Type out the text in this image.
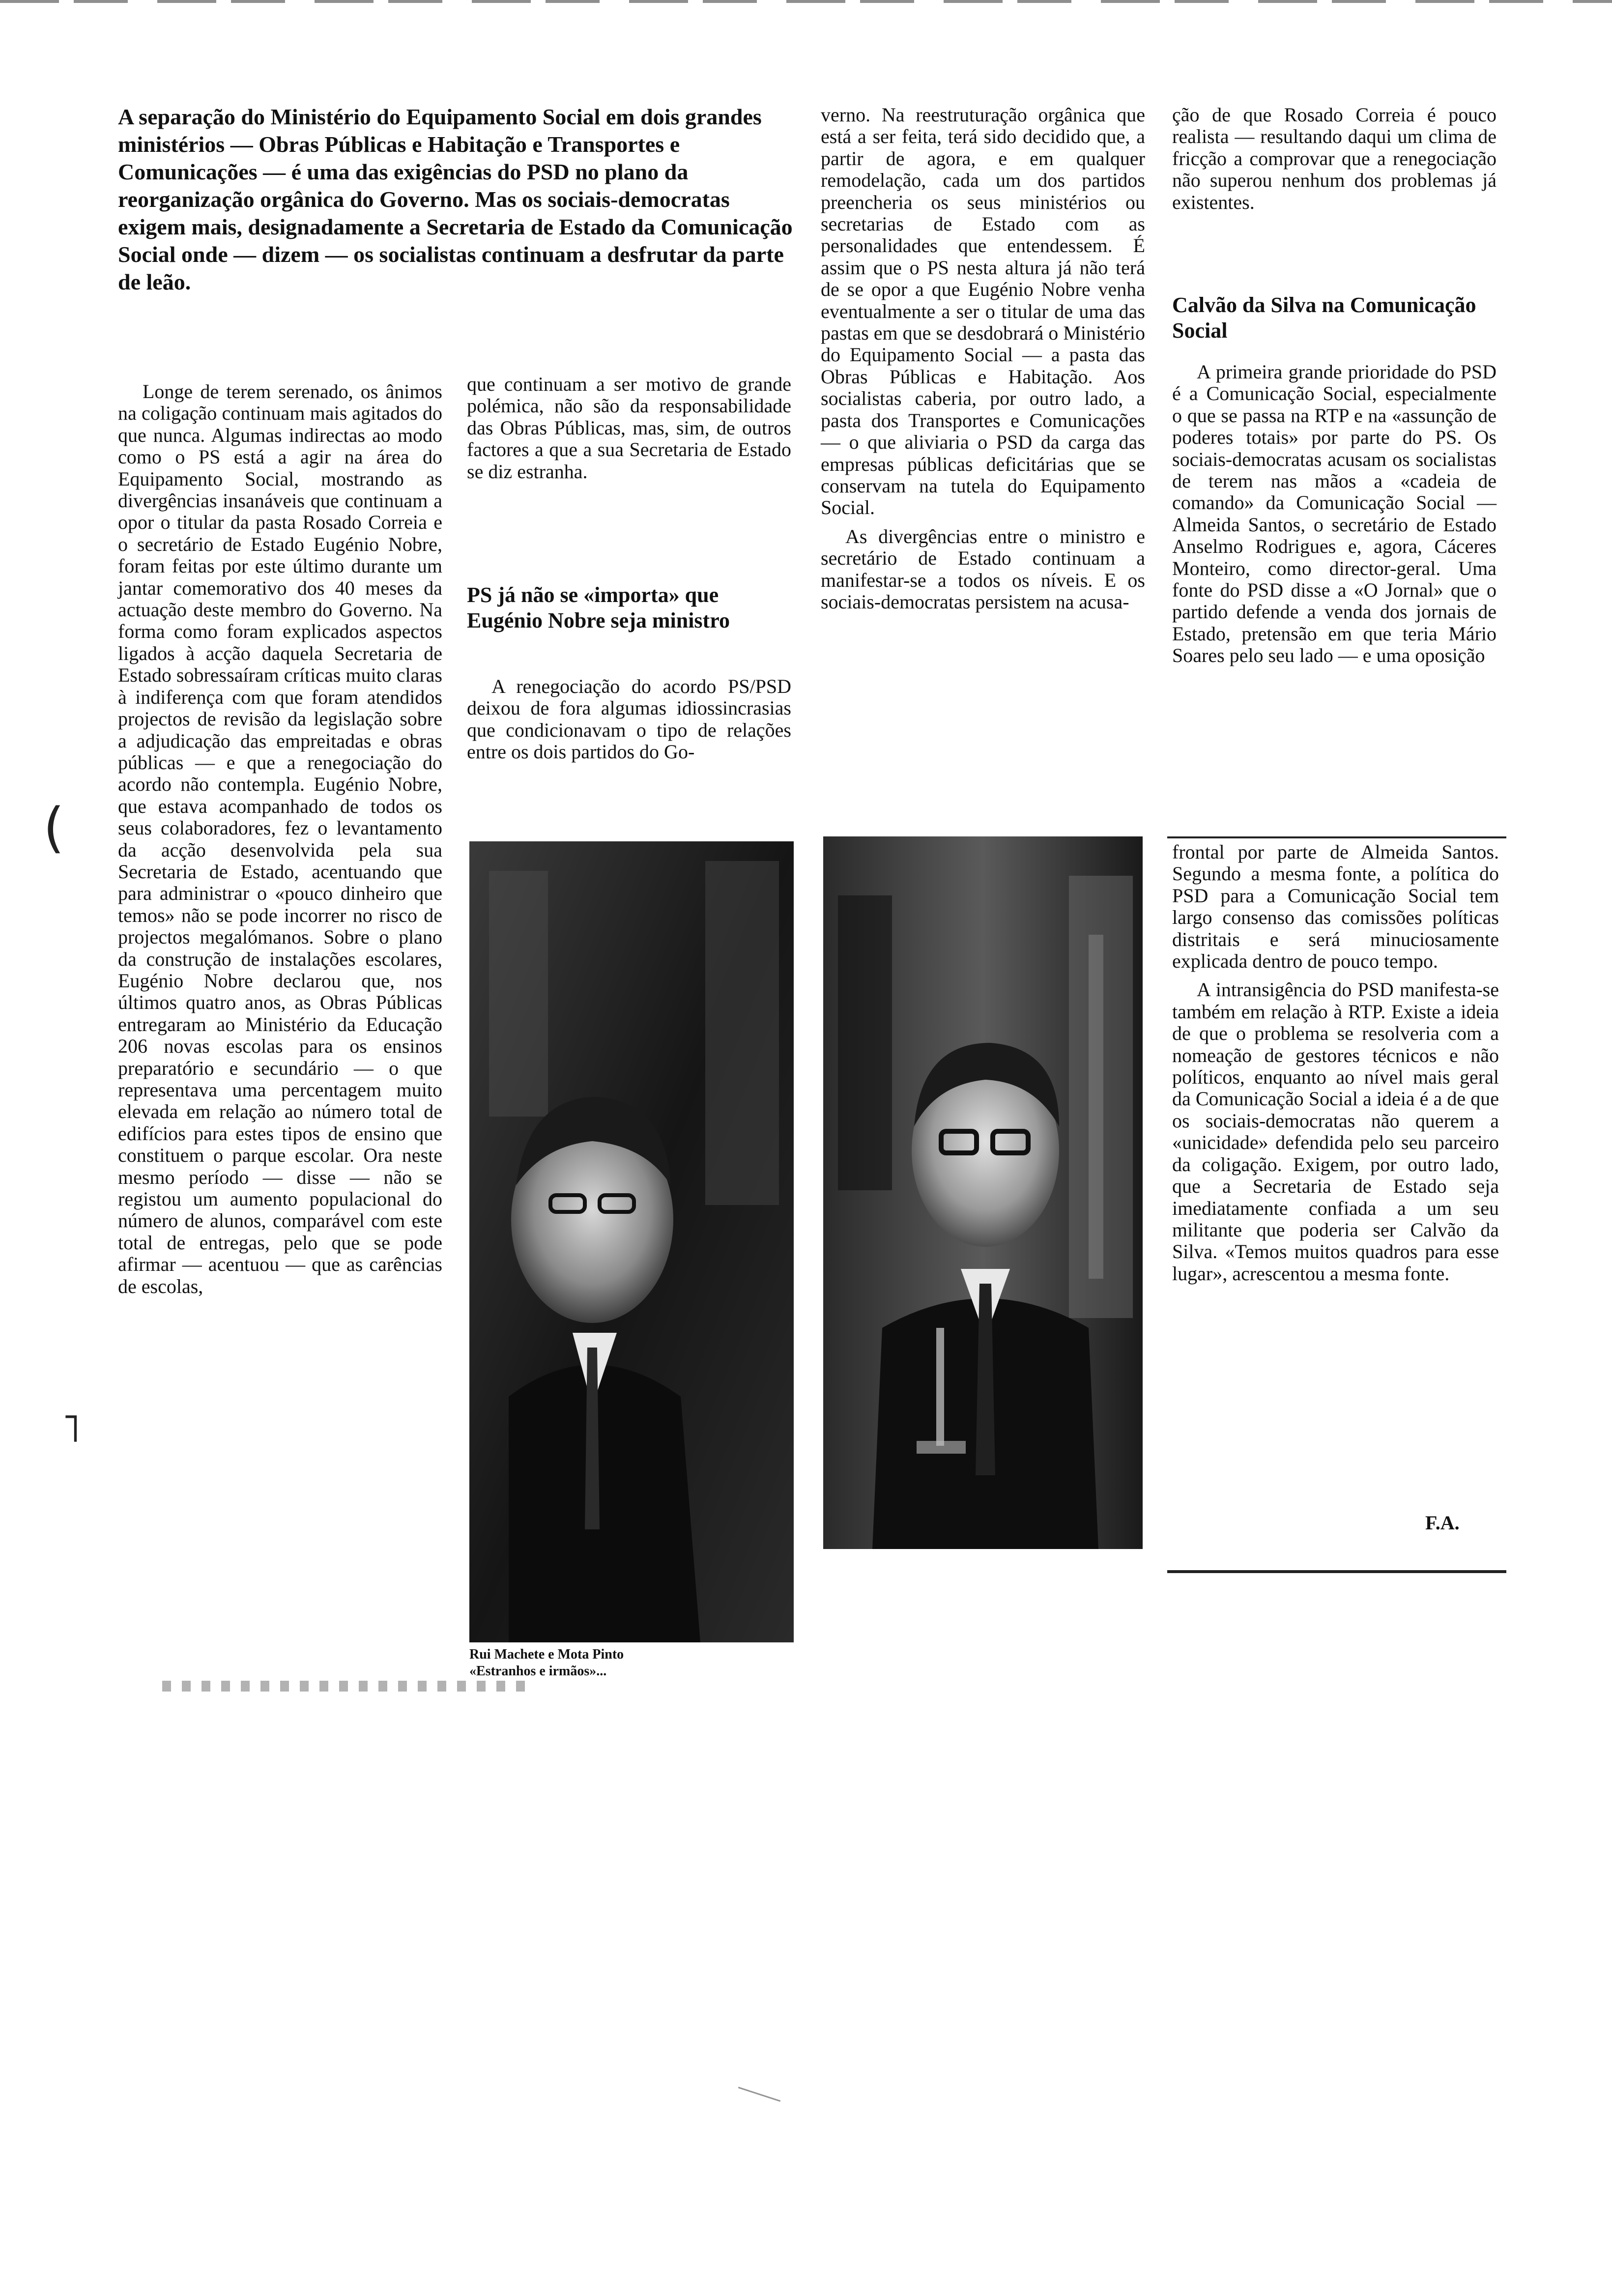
A separação do Ministério do Equipamento Social em dois grandes ministérios — Obras Públicas e Habitação e Transportes e Comunicações — é uma das exigências do PSD no plano da reorganização orgânica do Governo. Mas os sociais-democratas exigem mais, designadamente a Secretaria de Estado da Comunicação Social onde — dizem — os socialistas continuam a desfrutar da parte de leão.

Longe de terem serenado, os ânimos na coligação continuam mais agitados do que nunca. Algumas indirectas ao modo como o PS está a agir na área do Equipamento Social, mostrando as divergências insanáveis que continuam a opor o titular da pasta Rosado Correia e o secretário de Estado Eugénio Nobre, foram feitas por este último durante um jantar comemorativo dos 40 meses da actuação deste membro do Governo. Na forma como foram explicados aspectos ligados à acção daquela Secretaria de Estado sobressaíram críticas muito claras à indiferença com que foram atendidos projectos de revisão da legislação sobre a adjudicação das empreitadas e obras públicas — e que a renegociação do acordo não contempla. Eugénio Nobre, que estava acompanhado de todos os seus colaboradores, fez o levantamento da acção desenvolvida pela sua Secretaria de Estado, acentuando que para administrar o «pouco dinheiro que temos» não se pode incorrer no risco de projectos megalómanos. Sobre o plano da construção de instalações escolares, Eugénio Nobre declarou que, nos últimos quatro anos, as Obras Públicas entregaram ao Ministério da Educação 206 novas escolas para os ensinos preparatório e secundário — o que representava uma percentagem muito elevada em relação ao número total de edifícios para estes tipos de ensino que constituem o parque escolar. Ora neste mesmo período — disse — não se registou um aumento populacional do número de alunos, comparável com este total de entregas, pelo que se pode afirmar — acentuou — que as carências de escolas,

que continuam a ser motivo de grande polémica, não são da responsabilidade das Obras Públicas, mas, sim, de outros factores a que a sua Secretaria de Estado se diz estranha.

PS já não se «importa» que Eugénio Nobre seja ministro

A renegociação do acordo PS/PSD deixou de fora algumas idiossincrasias que condicionavam o tipo de relações entre os dois partidos do Go-

verno. Na reestruturação orgânica que está a ser feita, terá sido decidido que, a partir de agora, e em qualquer remodelação, cada um dos partidos preencheria os seus ministérios ou secretarias de Estado com as personalidades que entendessem. É assim que o PS nesta altura já não terá de se opor a que Eugénio Nobre venha eventualmente a ser o titular de uma das pastas em que se desdobrará o Ministério do Equipamento Social — a pasta das Obras Públicas e Habitação. Aos socialistas caberia, por outro lado, a pasta dos Transportes e Comunicações — o que aliviaria o PSD da carga das empresas públicas deficitárias que se conservam na tutela do Equipamento Social.

As divergências entre o ministro e secretário de Estado continuam a manifestar-se a todos os níveis. E os sociais-democratas persistem na acusa-

ção de que Rosado Correia é pouco realista — resultando daqui um clima de fricção a comprovar que a renegociação não superou nenhum dos problemas já existentes.

Calvão da Silva na Comunicação Social

A primeira grande prioridade do PSD é a Comunicação Social, especialmente o que se passa na RTP e na «assunção de poderes totais» por parte do PS. Os sociais-democratas acusam os socialistas de terem nas mãos a «cadeia de comando» da Comunicação Social — Almeida Santos, o secretário de Estado Anselmo Rodrigues e, agora, Cáceres Monteiro, como director-geral. Uma fonte do PSD disse a «O Jornal» que o partido defende a venda dos jornais de Estado, pretensão em que teria Mário Soares pelo seu lado — e uma oposição

frontal por parte de Almeida Santos. Segundo a mesma fonte, a política do PSD para a Comunicação Social tem largo consenso das comissões políticas distritais e será minuciosamente explicada dentro de pouco tempo.

A intransigência do PSD manifesta-se também em relação à RTP. Existe a ideia de que o problema se resolveria com a nomeação de gestores técnicos e não políticos, enquanto ao nível mais geral da Comunicação Social a ideia é a de que os sociais-democratas não querem a «unicidade» defendida pelo seu parceiro da coligação. Exigem, por outro lado, que a Secretaria de Estado seja imediatamente confiada a um seu militante que poderia ser Calvão da Silva. «Temos muitos quadros para esse lugar», acrescentou a mesma fonte.

F.A.
Rui Machete e Mota Pinto
«Estranhos e irmãos»...
(
˥
